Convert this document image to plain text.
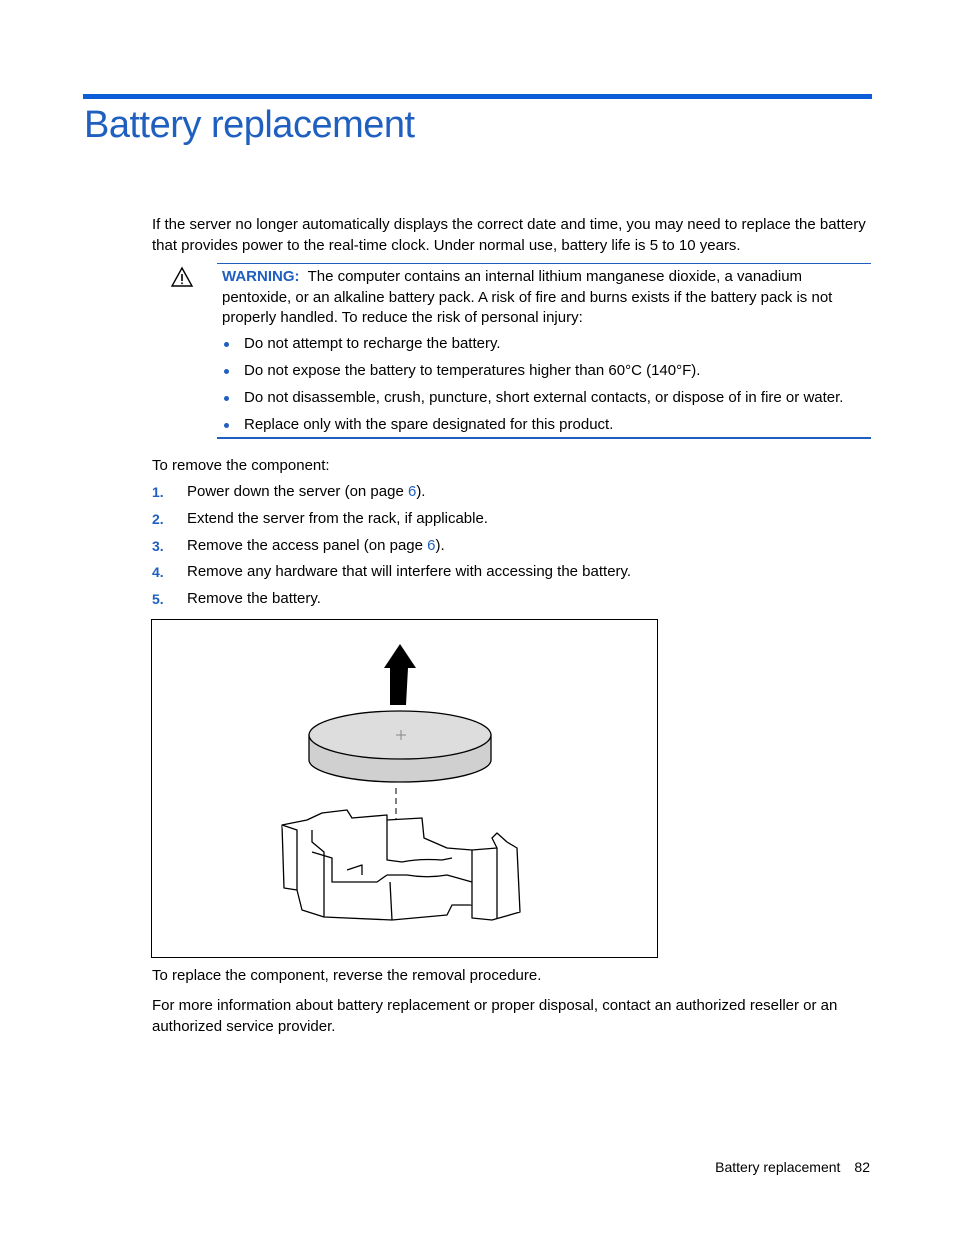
Battery replacement

If the server no longer automatically displays the correct date and time, you may need to replace the battery that provides power to the real-time clock. Under normal use, battery life is 5 to 10 years.

WARNING: The computer contains an internal lithium manganese dioxide, a vanadium pentoxide, or an alkaline battery pack. A risk of fire and burns exists if the battery pack is not properly handled. To reduce the risk of personal injury:

Do not attempt to recharge the battery.
Do not expose the battery to temperatures higher than 60°C (140°F).
Do not disassemble, crush, puncture, short external contacts, or dispose of in fire or water.
Replace only with the spare designated for this product.

To remove the component:

1. Power down the server (on page 6).
2. Extend the server from the rack, if applicable.
3. Remove the access panel (on page 6).
4. Remove any hardware that will interfere with accessing the battery.
5. Remove the battery.

To replace the component, reverse the removal procedure.

For more information about battery replacement or proper disposal, contact an authorized reseller or an authorized service provider.

Battery replacement 82
